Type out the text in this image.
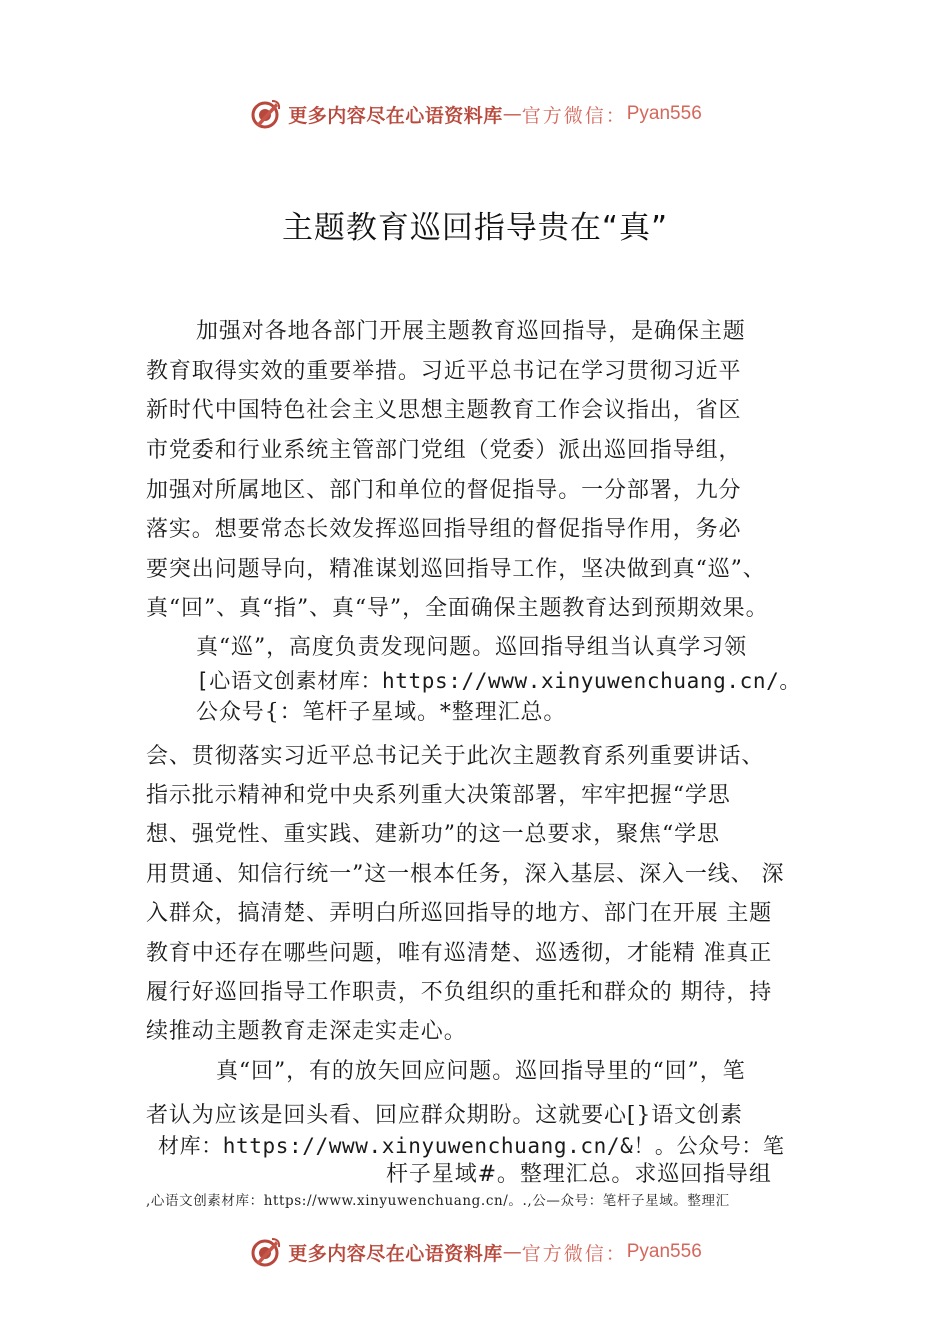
更多内容尽在心语资料库 — 官方微信： Pyan556
主题教育巡回指导贵在“真”
加强对各地各部门开展主题教育巡回指导，是确保主题
教育取得实效的重要举措。习近平总书记在学习贯彻习近平
新时代中国特色社会主义思想主题教育工作会议指出，省区
市党委和行业系统主管部门党组（党委）派出巡回指导组，
加强对所属地区、部门和单位的督促指导。一分部署，九分
落实。想要常态长效发挥巡回指导组的督促指导作用，务必
要突出问题导向，精准谋划巡回指导工作，坚决做到真“巡”、
真“回”、真“指”、真“导”，全面确保主题教育达到预期效果。
真“巡”，高度负责发现问题。巡回指导组当认真学习领
[心语文创素材库：https://www.xinyuwenchuang.cn/。
公众号{：笔杆子星域。*整理汇总。
会、贯彻落实习近平总书记关于此次主题教育系列重要讲话、
指示批示精神和党中央系列重大决策部署，牢牢把握“学思
想、强党性、重实践、建新功”的这一总要求，聚焦“学思
用贯通、知信行统一”这一根本任务，深入基层、深入一线、 深
入群众，搞清楚、弄明白所巡回指导的地方、部门在开展 主题
教育中还存在哪些问题，唯有巡清楚、巡透彻，才能精 准真正
履行好巡回指导工作职责，不负组织的重托和群众的 期待，持
续推动主题教育走深走实走心。
真“回”，有的放矢回应问题。巡回指导里的“回”，笔
者认为应该是回头看、回应群众期盼。这就要心[}语文创素
材库：https://www.xinyuwenchuang.cn/&！。公众号：笔
杆子星域#。整理汇总。求巡回指导组
,心语文创素材库：https://www.xinyuwenchuang.cn/。.,公—众号：笔杆子星域。整理汇
更多内容尽在心语资料库 — 官方微信： Pyan556
